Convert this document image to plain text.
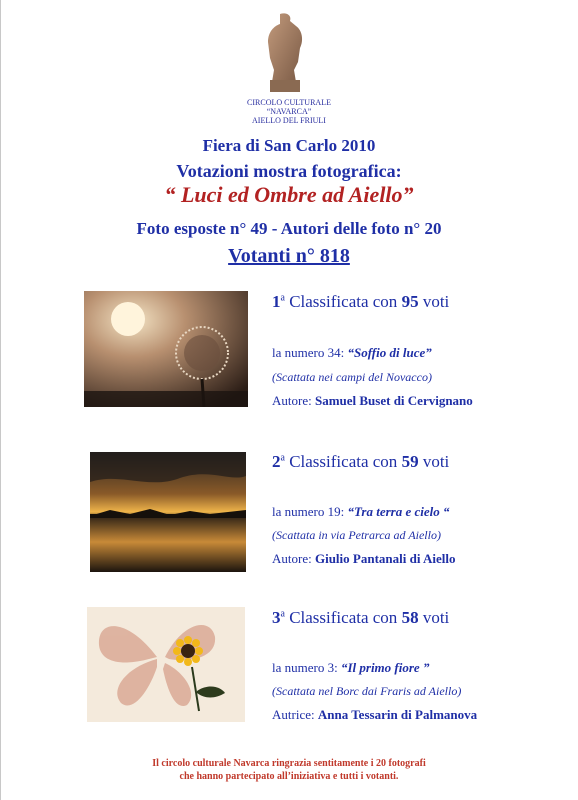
CIRCOLO CULTURALE
“NAVARCA”
AIELLO DEL FRIULI
Fiera di San Carlo 2010
Votazioni mostra fotografica:
“ Luci ed Ombre ad Aiello”
Foto esposte n° 49 - Autori delle foto n° 20
Votanti n° 818
1$^a$ Classificata con 95 voti
la numero 34: “Soffio di luce”
(Scattata nei campi del Novacco)
Autore: Samuel Buset di Cervignano
2$^a$ Classificata con 59 voti
la numero 19: “Tra terra e cielo “
(Scattata in via Petrarca ad Aiello)
Autore: Giulio Pantanali di Aiello
3$^a$ Classificata con 58 voti
la numero 3: “Il primo fiore ”
(Scattata nel Borc dai Fraris ad Aiello)
Autrice: Anna Tessarin di Palmanova
Il circolo culturale Navarca ringrazia sentitamente i 20 fotografi
che hanno partecipato all’iniziativa e tutti i votanti.
